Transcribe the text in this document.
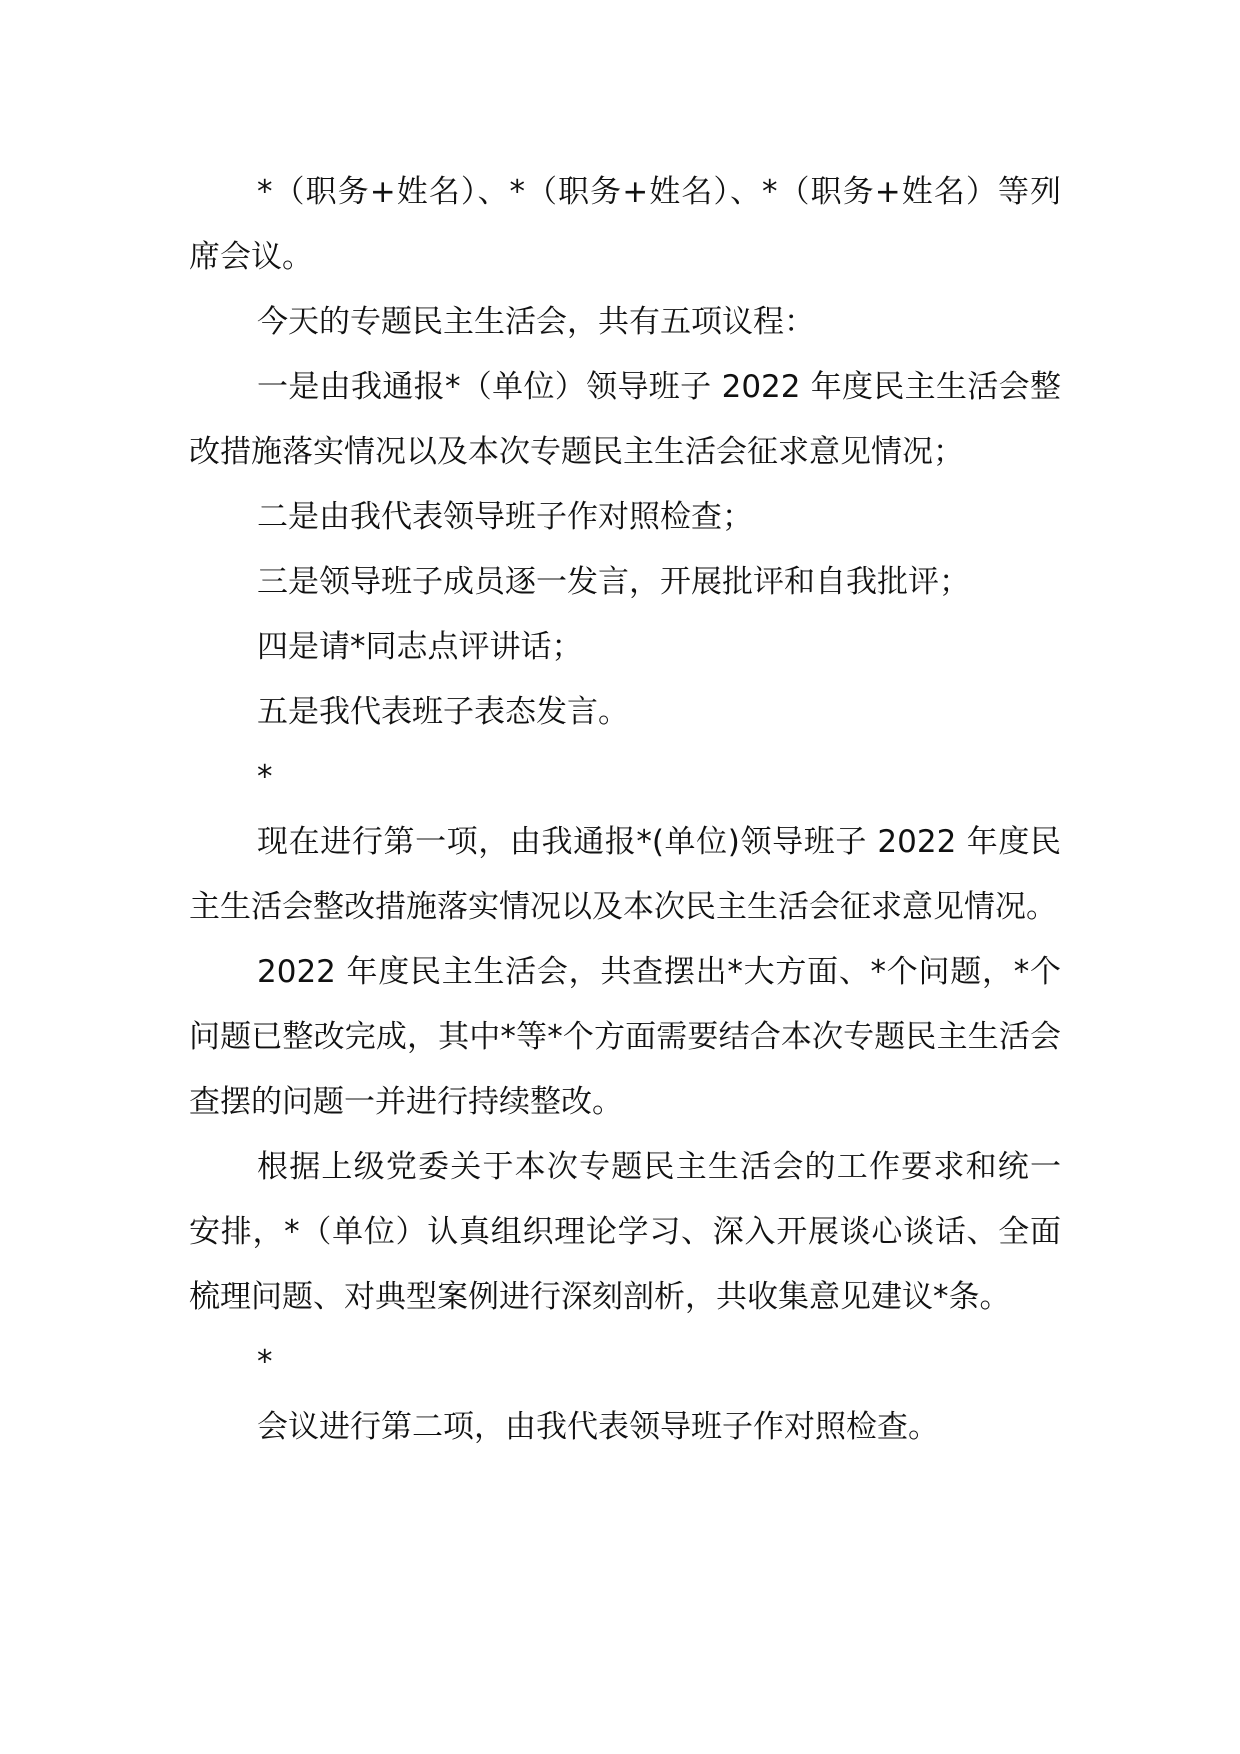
*（职务+姓名）、*（职务+姓名）、*（职务+姓名）等列席会议。

今天的专题民主生活会，共有五项议程：

一是由我通报*（单位）领导班子 2022 年度民主生活会整改措施落实情况以及本次专题民主生活会征求意见情况；

二是由我代表领导班子作对照检查；

三是领导班子成员逐一发言，开展批评和自我批评；

四是请*同志点评讲话；

五是我代表班子表态发言。

*

现在进行第一项，由我通报*(单位)领导班子 2022 年度民主生活会整改措施落实情况以及本次民主生活会征求意见情况。

2022 年度民主生活会，共查摆出*大方面、*个问题，*个问题已整改完成，其中*等*个方面需要结合本次专题民主生活会查摆的问题一并进行持续整改。

根据上级党委关于本次专题民主生活会的工作要求和统一安排，*（单位）认真组织理论学习、深入开展谈心谈话、全面梳理问题、对典型案例进行深刻剖析，共收集意见建议*条。

*

会议进行第二项，由我代表领导班子作对照检查。
